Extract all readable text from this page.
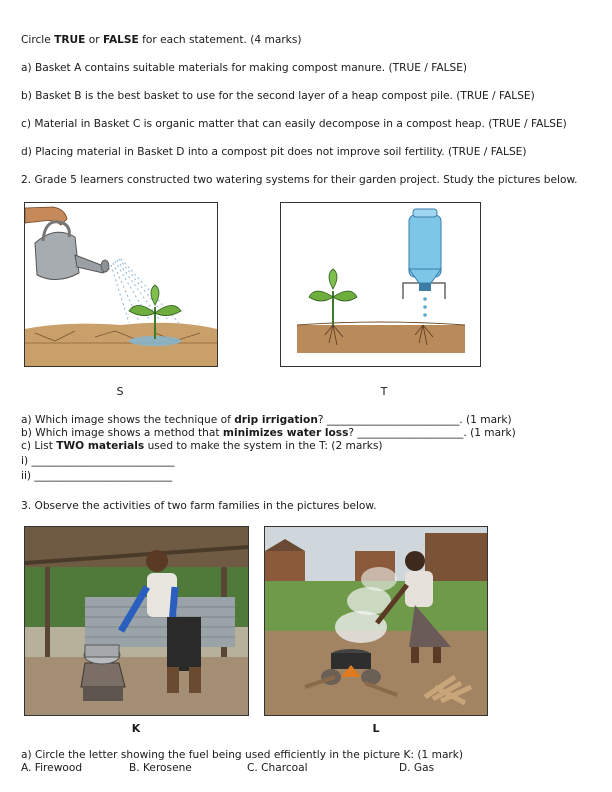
Circle TRUE or FALSE for each statement. (4 marks)
a) Basket A contains suitable materials for making compost manure. (TRUE / FALSE)
b) Basket B is the best basket to use for the second layer of a heap compost pile. (TRUE / FALSE)
c) Material in Basket C is organic matter that can easily decompose in a compost heap. (TRUE / FALSE)
d) Placing material in Basket D into a compost pit does not improve soil fertility. (TRUE / FALSE)
2. Grade 5 learners constructed two watering systems for their garden project. Study the pictures below.
S	T
a) Which image shows the technique of drip irrigation? _________________________. (1 mark)
b) Which image shows a method that minimizes water loss? ____________________. (1 mark)
c) List TWO materials used to make the system in the T: (2 marks)
i) ___________________________
ii) __________________________
3. Observe the activities of two farm families in the pictures below.
K	L
a) Circle the letter showing the fuel being used efficiently in the picture K: (1 mark)
A. Firewood	B. Kerosene	C. Charcoal	D. Gas
